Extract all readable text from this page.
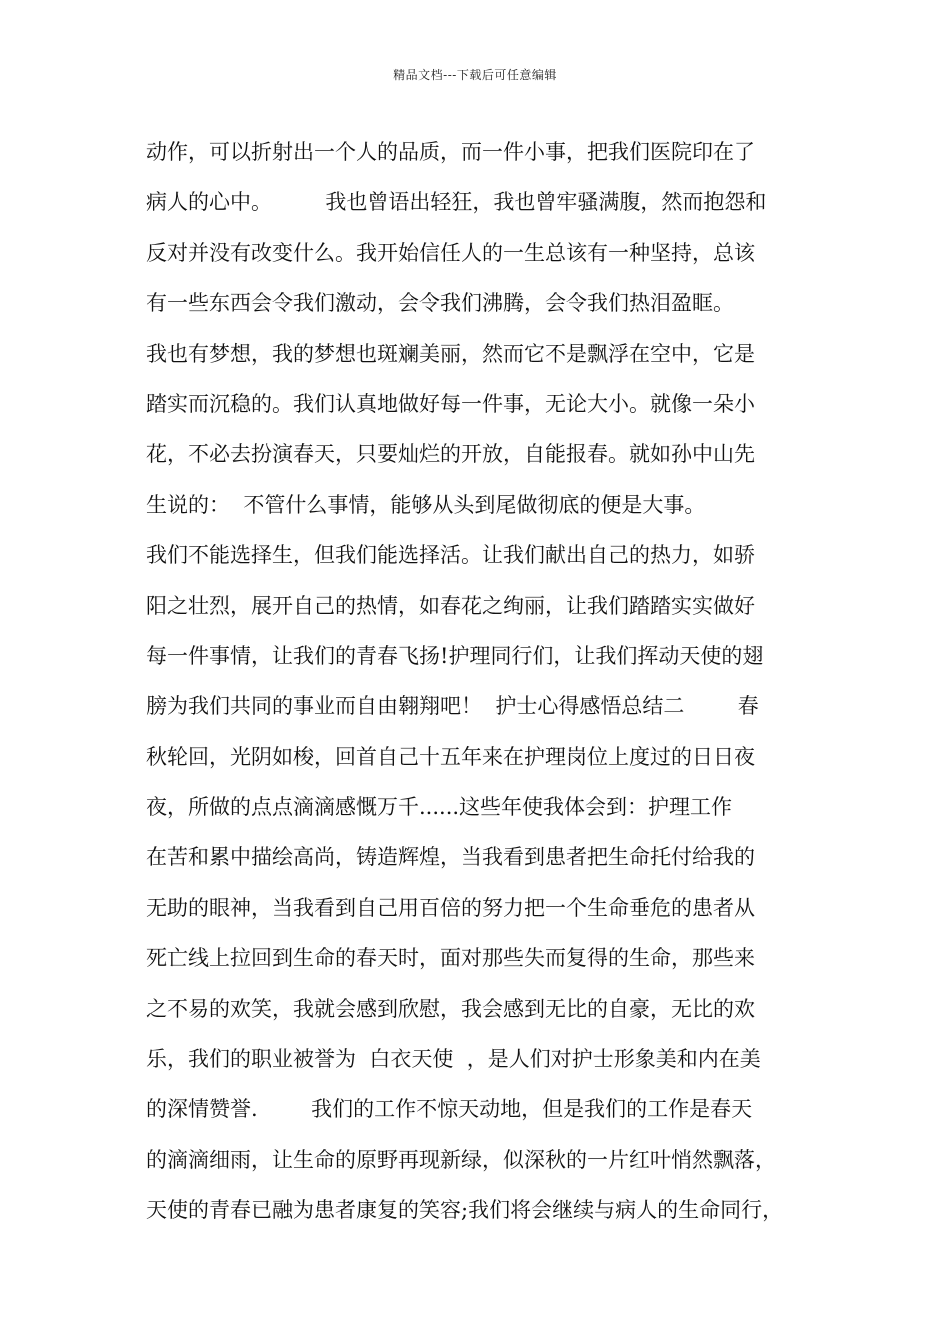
精品文档---下载后可任意编辑
动作，可以折射出一个人的品质，而一件小事，把我们医院印在了
病人的心中。        我也曾语出轻狂，我也曾牢骚满腹，然而抱怨和
反对并没有改变什么。我开始信任人的一生总该有一种坚持，总该
有一些东西会令我们激动，会令我们沸腾，会令我们热泪盈眶。
我也有梦想，我的梦想也斑斓美丽，然而它不是飘浮在空中，它是
踏实而沉稳的。我们认真地做好每一件事，无论大小。就像一朵小
花，不必去扮演春天，只要灿烂的开放，自能报春。就如孙中山先
生说的：  不管什么事情，能够从头到尾做彻底的便是大事。
我们不能选择生，但我们能选择活。让我们献出自己的热力，如骄
阳之壮烈，展开自己的热情，如春花之绚丽，让我们踏踏实实做好
每一件事情，让我们的青春飞扬!护理同行们，让我们挥动天使的翅
膀为我们共同的事业而自由翱翔吧！  护士心得感悟总结二        春
秋轮回，光阴如梭，回首自己十五年来在护理岗位上度过的日日夜
夜，所做的点点滴滴感慨万千......这些年使我体会到：护理工作
在苦和累中描绘高尚，铸造辉煌，当我看到患者把生命托付给我的
无助的眼神，当我看到自己用百倍的努力把一个生命垂危的患者从
死亡线上拉回到生命的春天时，面对那些失而复得的生命，那些来
之不易的欢笑，我就会感到欣慰，我会感到无比的自豪，无比的欢
乐，我们的职业被誉为  白衣天使  ，是人们对护士形象美和内在美
的深情赞誉.        我们的工作不惊天动地，但是我们的工作是春天
的滴滴细雨，让生命的原野再现新绿，似深秋的一片红叶悄然飘落，
天使的青春已融为患者康复的笑容;我们将会继续与病人的生命同行，
